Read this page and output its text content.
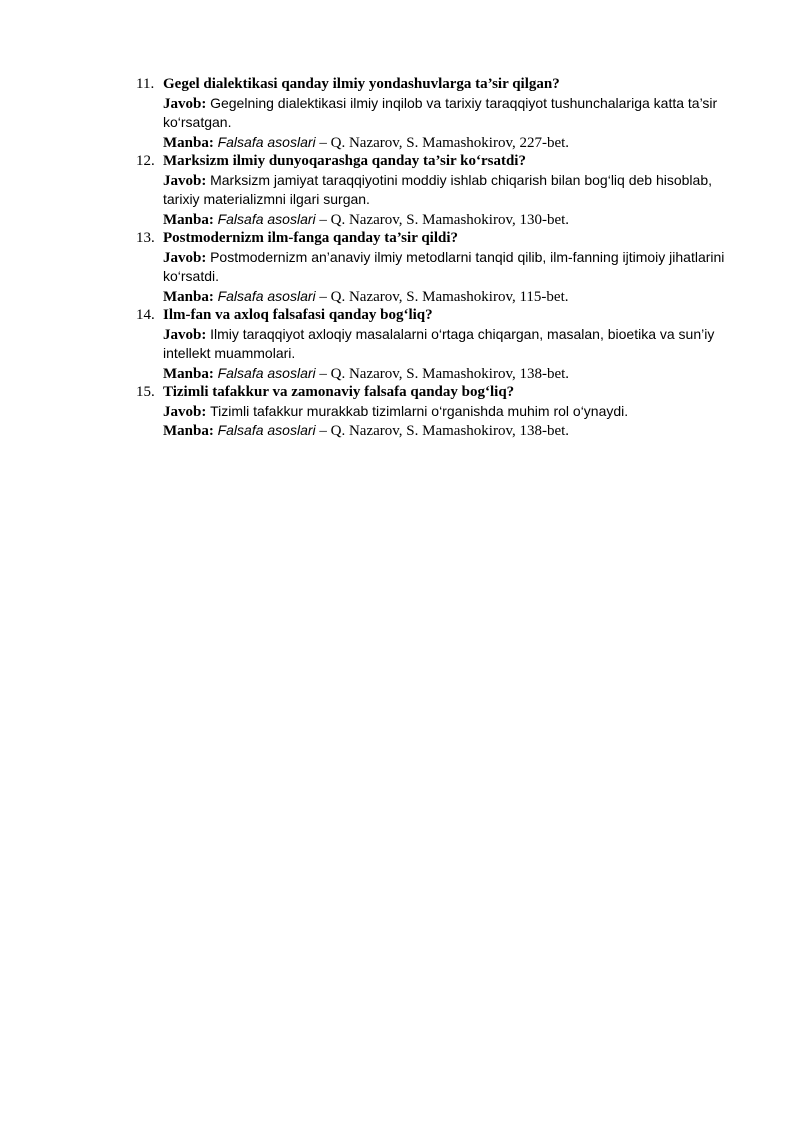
11. Gegel dialektikasi qanday ilmiy yondashuvlarga ta’sir qilgan?
Javob: Gegelning dialektikasi ilmiy inqilob va tarixiy taraqqiyot tushunchalariga katta ta’sir ko‘rsatgan.
Manba: Falsafa asoslari – Q. Nazarov, S. Mamashokirov, 227-bet.
12. Marksizm ilmiy dunyoqarashga qanday ta’sir ko‘rsatdi?
Javob: Marksizm jamiyat taraqqiyotini moddiy ishlab chiqarish bilan bog‘liq deb hisoblab, tarixiy materializmni ilgari surgan.
Manba: Falsafa asoslari – Q. Nazarov, S. Mamashokirov, 130-bet.
13. Postmodernizm ilm-fanga qanday ta’sir qildi?
Javob: Postmodernizm an’anaviy ilmiy metodlarni tanqid qilib, ilm-fanning ijtimoiy jihatlarini ko‘rsatdi.
Manba: Falsafa asoslari – Q. Nazarov, S. Mamashokirov, 115-bet.
14. Ilm-fan va axloq falsafasi qanday bog‘liq?
Javob: Ilmiy taraqqiyot axloqiy masalalarni o‘rtaga chiqargan, masalan, bioetika va sun’iy intellekt muammolari.
Manba: Falsafa asoslari – Q. Nazarov, S. Mamashokirov, 138-bet.
15. Tizimli tafakkur va zamonaviy falsafa qanday bog‘liq?
Javob: Tizimli tafakkur murakkab tizimlarni o‘rganishda muhim rol o‘ynaydi.
Manba: Falsafa asoslari – Q. Nazarov, S. Mamashokirov, 138-bet.
